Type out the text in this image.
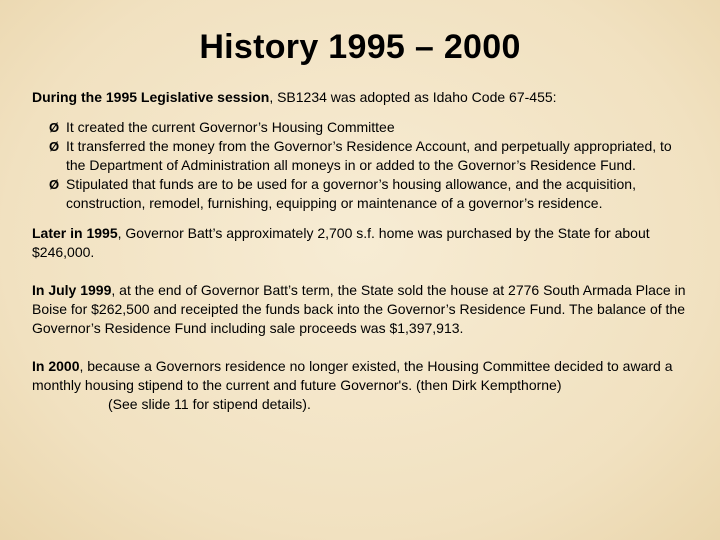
History 1995 – 2000

During the 1995 Legislative session, SB1234 was adopted as Idaho Code 67-455:

Ø It created the current Governor’s Housing Committee
Ø It transferred the money from the Governor’s Residence Account, and perpetually appropriated, to the Department of Administration all moneys in or added to the Governor’s Residence Fund.
Ø Stipulated that funds are to be used for a governor’s housing allowance, and the acquisition, construction, remodel, furnishing, equipping or maintenance of a governor’s residence.

Later in 1995, Governor Batt’s approximately 2,700 s.f. home was purchased by the State for about $246,000.

In July 1999, at the end of Governor Batt’s term, the State sold the house at 2776 South Armada Place in Boise for $262,500 and receipted the funds back into the Governor’s Residence Fund. The balance of the Governor’s Residence Fund including sale proceeds was $1,397,913.

In 2000, because a Governors residence no longer existed, the Housing Committee decided to award a monthly housing stipend to the current and future Governor's. (then Dirk Kempthorne)

(See slide 11 for stipend details).
